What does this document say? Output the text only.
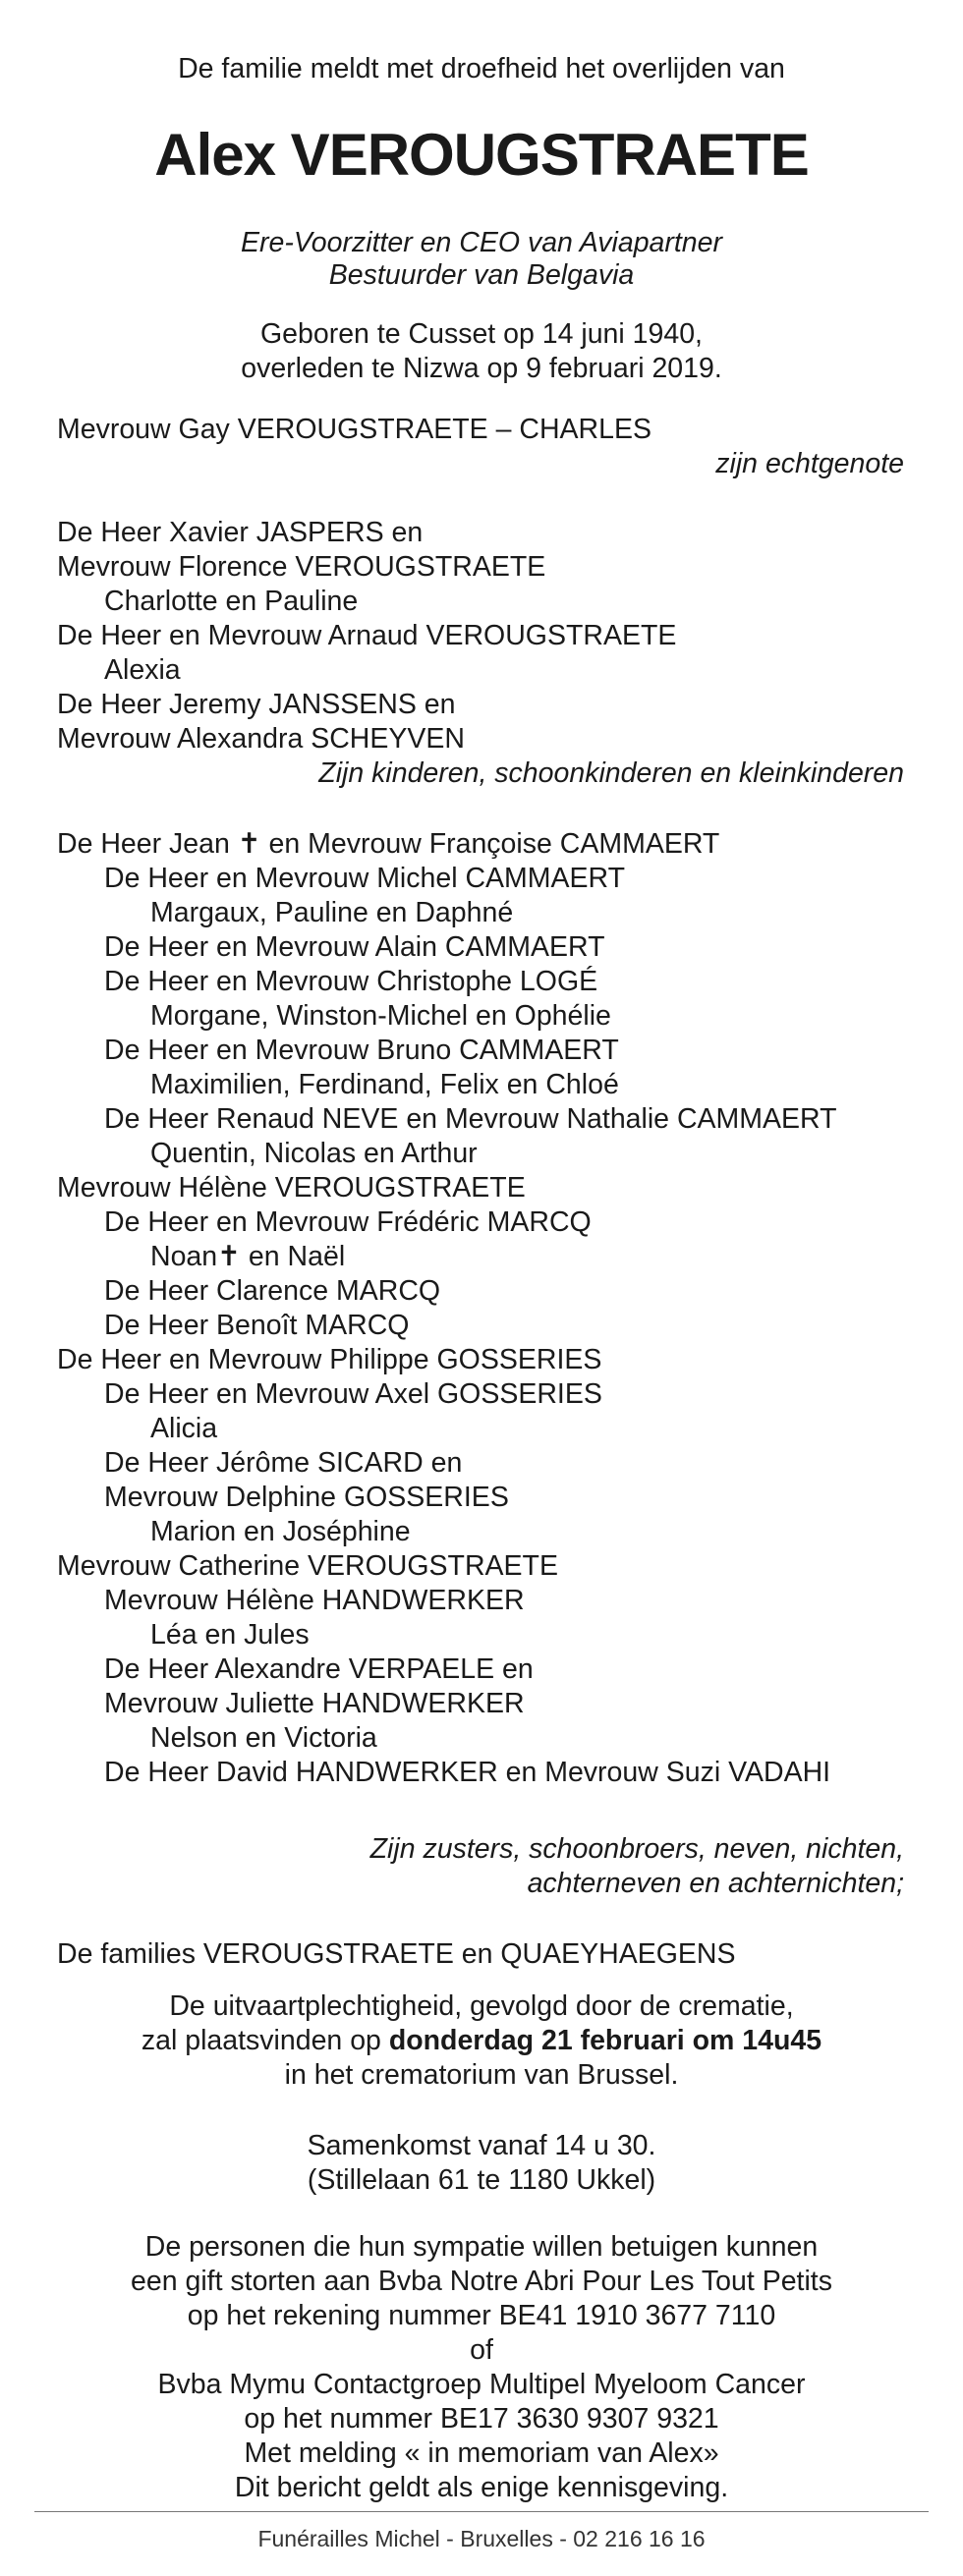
De familie meldt met droefheid het overlijden van
Alex VEROUGSTRAETE
Ere-Voorzitter en CEO van Aviapartner
Bestuurder van Belgavia
Geboren te Cusset op 14 juni 1940,
overleden te Nizwa op 9 februari 2019.
Mevrouw Gay VEROUGSTRAETE – CHARLES
zijn echtgenote
De Heer Xavier JASPERS en
Mevrouw Florence VEROUGSTRAETE
Charlotte en Pauline
De Heer en Mevrouw Arnaud VEROUGSTRAETE
Alexia
De Heer Jeremy JANSSENS en
Mevrouw Alexandra SCHEYVEN
Zijn kinderen, schoonkinderen en kleinkinderen
De Heer Jean ✝ en Mevrouw Françoise CAMMAERT
De Heer en Mevrouw Michel CAMMAERT
Margaux, Pauline en Daphné
De Heer en Mevrouw Alain CAMMAERT
De Heer en Mevrouw Christophe LOGÉ
Morgane, Winston-Michel en Ophélie
De Heer en Mevrouw Bruno CAMMAERT
Maximilien, Ferdinand, Felix en Chloé
De Heer Renaud NEVE en Mevrouw Nathalie CAMMAERT
Quentin, Nicolas en Arthur
Mevrouw Hélène VEROUGSTRAETE
De Heer en Mevrouw Frédéric MARCQ
Noan✝ en Naël
De Heer Clarence MARCQ
De Heer Benoît MARCQ
De Heer en Mevrouw Philippe GOSSERIES
De Heer en Mevrouw Axel GOSSERIES
Alicia
De Heer Jérôme SICARD en
Mevrouw Delphine GOSSERIES
Marion en Joséphine
Mevrouw Catherine VEROUGSTRAETE
Mevrouw Hélène HANDWERKER
Léa en Jules
De Heer Alexandre VERPAELE en
Mevrouw Juliette HANDWERKER
Nelson en Victoria
De Heer David HANDWERKER en Mevrouw Suzi VADAHI
Zijn zusters, schoonbroers, neven, nichten,
achterneven en achternichten;
De families VEROUGSTRAETE en QUAEYHAEGENS
De uitvaartplechtigheid, gevolgd door de crematie,
zal plaatsvinden op donderdag 21 februari om 14u45
in het crematorium van Brussel.
Samenkomst vanaf 14 u 30.
(Stillelaan 61 te 1180 Ukkel)
De personen die hun sympatie willen betuigen kunnen
een gift storten aan Bvba Notre Abri Pour Les Tout Petits
op het rekening nummer BE41 1910 3677 7110
of
Bvba Mymu Contactgroep Multipel Myeloom Cancer
op het nummer BE17 3630 9307 9321
Met melding « in memoriam van Alex»
Dit bericht geldt als enige kennisgeving.
Funérailles Michel - Bruxelles - 02 216 16 16
